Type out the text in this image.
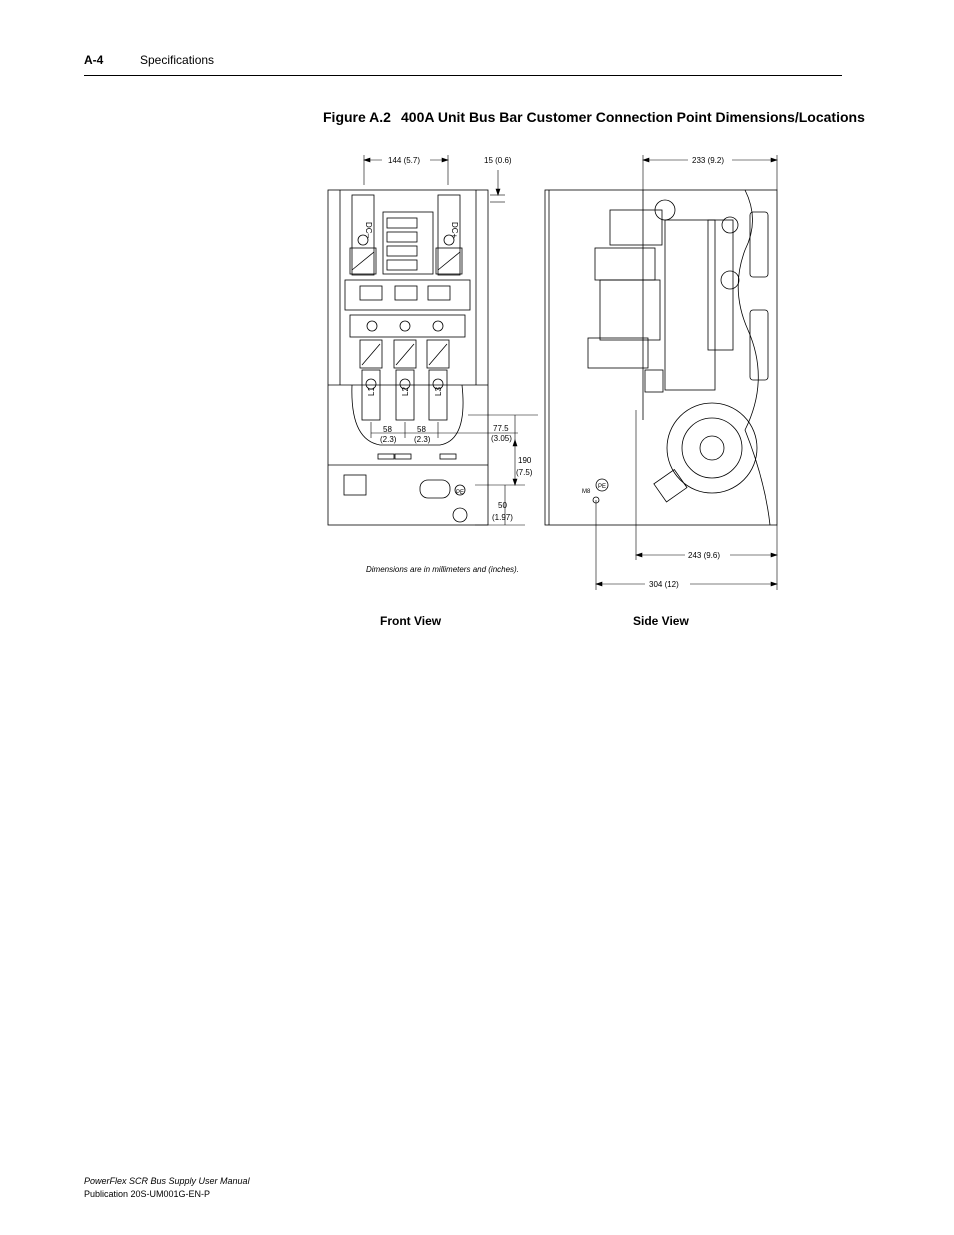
A-4	Specifications
Figure A.2 400A Unit Bus Bar Customer Connection Point Dimensions/Locations
144 (5.7)	15 (0.6)	233 (9.2)
DC–	DC+
L1	L2	L3
58
(2.3)
58
(2.3)
77.5
(3.05)
190
(7.5)
50
(1.97)
PE
PE
M8
243 (9.6)
304 (12)
Dimensions are in millimeters and (inches).
Front View	Side View
PowerFlex SCR Bus Supply User Manual
Publication 20S-UM001G-EN-P
